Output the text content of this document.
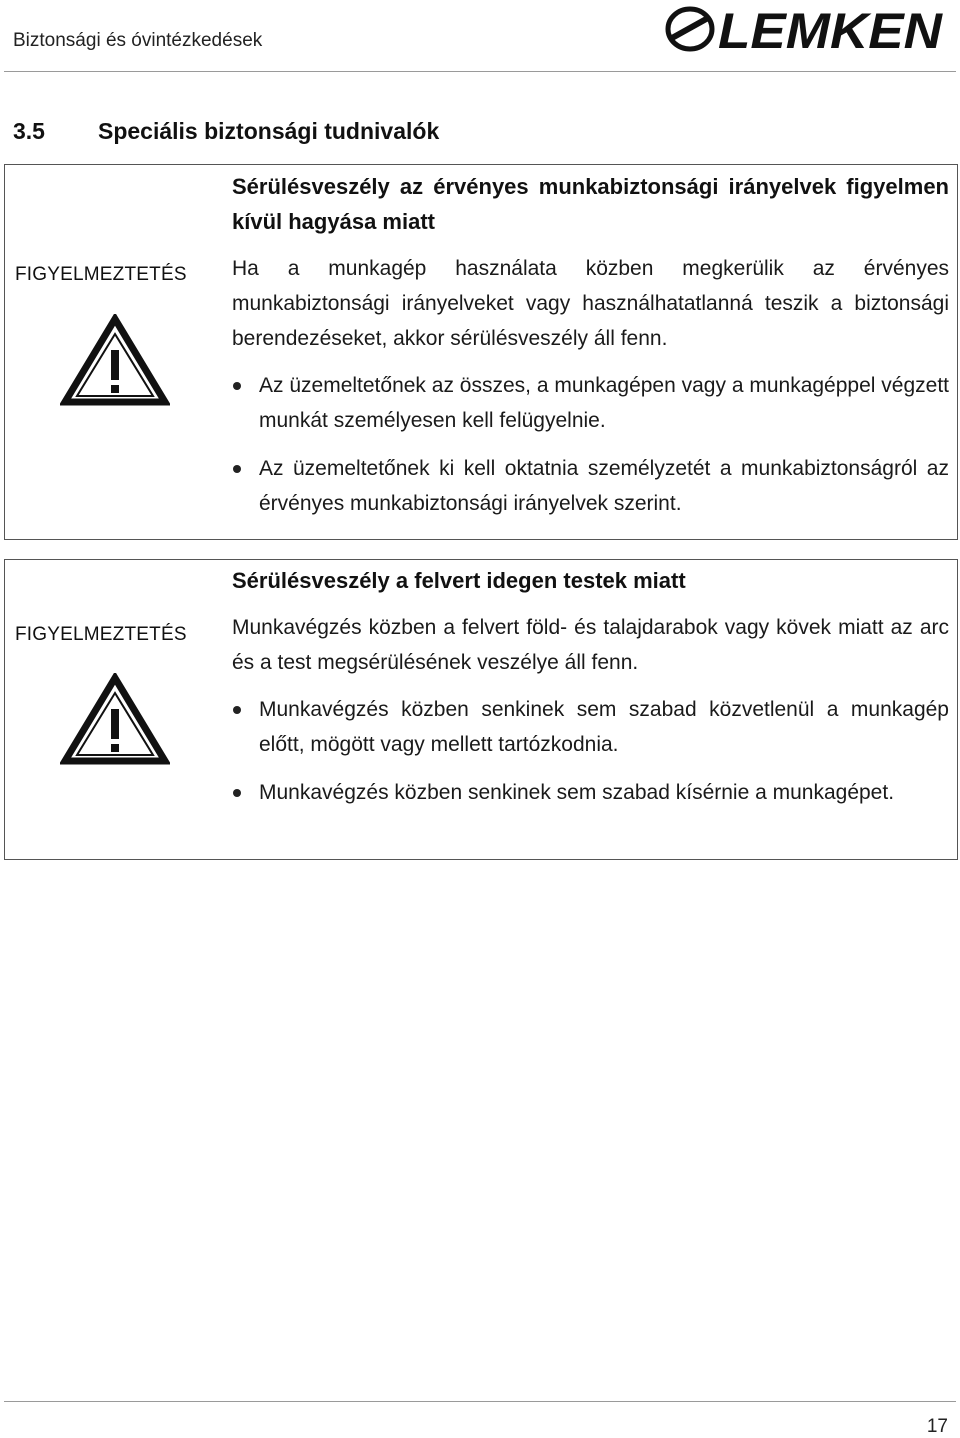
Biztonsági és óvintézkedések	LEMKEN
3.5 Speciális biztonsági tudnivalók
FIGYELMEZTETÉS
Sérülésveszély az érvényes munkabiztonsági irányelvek figyelmen kívül hagyása miatt
Ha a munkagép használata közben megkerülik az érvényes munkabiztonsági irányelveket vagy használhatatlanná teszik a biztonsági berendezéseket, akkor sérülésveszély áll fenn.
Az üzemeltetőnek az összes, a munkagépen vagy a munkagéppel végzett munkát személyesen kell felügyelnie.
Az üzemeltetőnek ki kell oktatnia személyzetét a munkabiztonságról az érvényes munkabiztonsági irányelvek szerint.
FIGYELMEZTETÉS
Sérülésveszély a felvert idegen testek miatt
Munkavégzés közben a felvert föld- és talajdarabok vagy kövek miatt az arc és a test megsérülésének veszélye áll fenn.
Munkavégzés közben senkinek sem szabad közvetlenül a munkagép előtt, mögött vagy mellett tartózkodnia.
Munkavégzés közben senkinek sem szabad kísérnie a munkagépet.
17
